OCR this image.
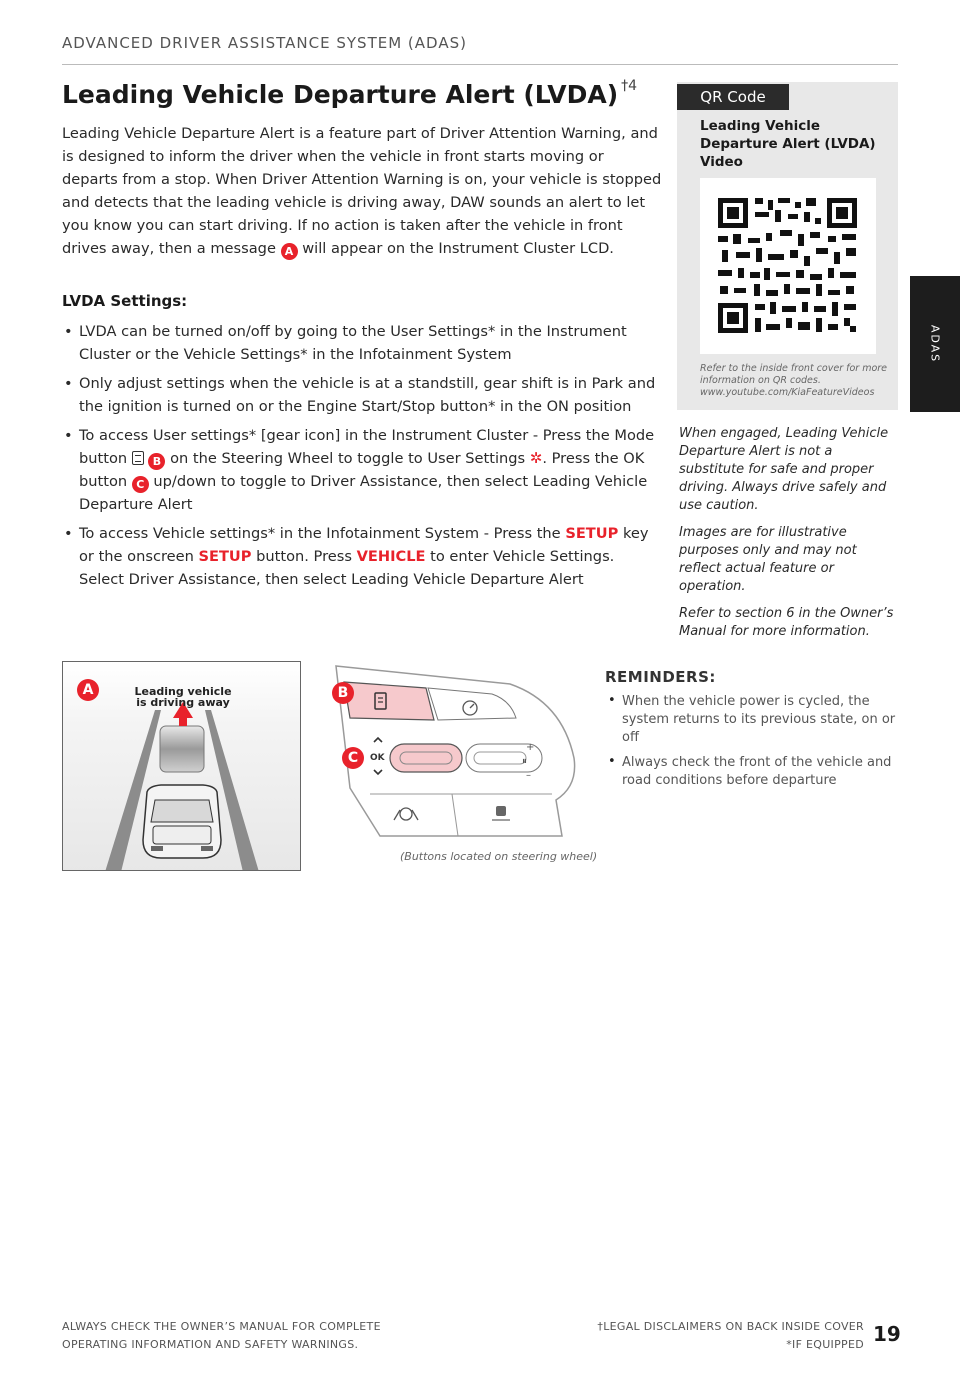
ADVANCED DRIVER ASSISTANCE SYSTEM (ADAS)
ADAS
Leading Vehicle Departure Alert (LVDA) $^{\dagger 4}$

Leading Vehicle Departure Alert is a feature part of Driver Attention Warning, and is designed to inform the driver when the vehicle in front starts moving or departs from a stop. When Driver Attention Warning is on, your vehicle is stopped and detects that the leading vehicle is driving away, DAW sounds an alert to let you know you can start driving. If no action is taken after the vehicle in front drives away, then a message A will appear on the Instrument Cluster LCD.

LVDA Settings:
• LVDA can be turned on/off by going to the User Settings* in the Instrument Cluster or the Vehicle Settings* in the Infotainment System
• Only adjust settings when the vehicle is at a standstill, gear shift is in Park and the ignition is turned on or the Engine Start/Stop button* in the ON position
• To access User settings* [gear icon] in the Instrument Cluster - Press the Mode button B on the Steering Wheel to toggle to User Settings ✲. Press the OK button C up/down to toggle to Driver Assistance, then select Leading Vehicle Departure Alert
• To access Vehicle settings* in the Infotainment System - Press the SETUP key or the onscreen SETUP button. Press VEHICLE to enter Vehicle Settings. Select Driver Assistance, then select Leading Vehicle Departure Alert
QR Code
Leading Vehicle Departure Alert (LVDA) Video
Refer to the inside front cover for more information on QR codes. www.youtube.com/KiaFeatureVideos

When engaged, Leading Vehicle Departure Alert is not a substitute for safe and proper driving. Always drive safely and use caution.

Images are for illustrative purposes only and may not reflect actual feature or operation.

Refer to section 6 in the Owner’s Manual for more information.

Leading vehicle is driving away
A
OK
+
–
⏸
B
C
(Buttons located on steering wheel)
REMINDERS:
• When the vehicle power is cycled, the system returns to its previous state, on or off
• Always check the front of the vehicle and road conditions before departure
ALWAYS CHECK THE OWNER’S MANUAL FOR COMPLETE
OPERATING INFORMATION AND SAFETY WARNINGS.
†LEGAL DISCLAIMERS ON BACK INSIDE COVER
*IF EQUIPPED 19
